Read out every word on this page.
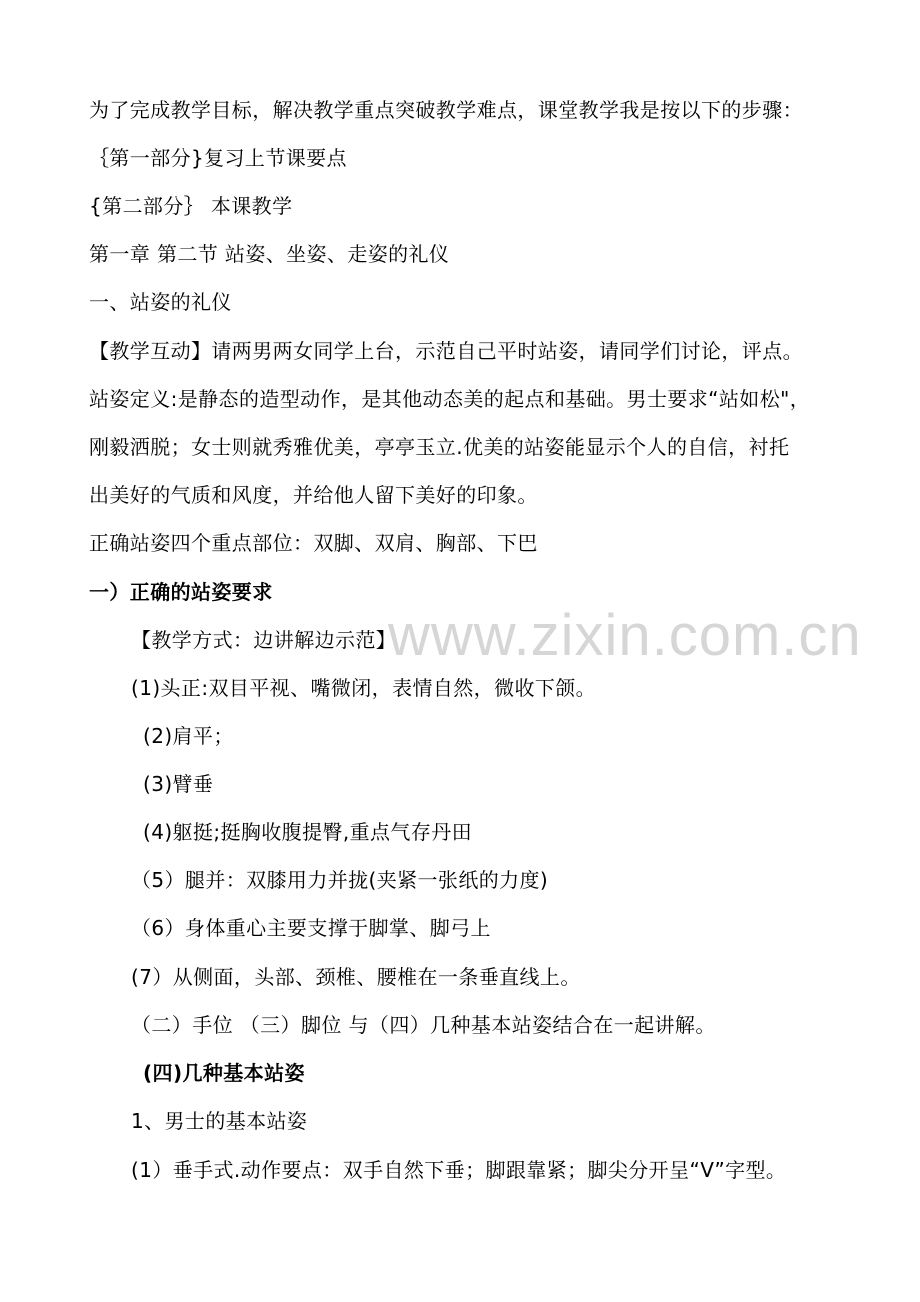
www.zixin.com.cn
为了完成教学目标，解决教学重点突破教学难点，课堂教学我是按以下的步骤：
｛第一部分}复习上节课要点
{第二部分｝ 本课教学
第一章 第二节 站姿、坐姿、走姿的礼仪
一、站姿的礼仪
【教学互动】请两男两女同学上台，示范自己平时站姿，请同学们讨论，评点。
站姿定义:是静态的造型动作，是其他动态美的起点和基础。男士要求“站如松"，
刚毅洒脱；女士则就秀雅优美，亭亭玉立.优美的站姿能显示个人的自信，衬托
出美好的气质和风度，并给他人留下美好的印象。
正确站姿四个重点部位：双脚、双肩、胸部、下巴
一）正确的站姿要求
【教学方式：边讲解边示范】
(1)头正:双目平视、嘴微闭，表情自然，微收下颌。
(2)肩平；
(3)臂垂
(4)躯挺;挺胸收腹提臀,重点气存丹田
（5）腿并：双膝用力并拢(夹紧一张纸的力度)
（6）身体重心主要支撑于脚掌、脚弓上
(7）从侧面，头部、颈椎、腰椎在一条垂直线上。
（二）手位 （三）脚位 与（四）几种基本站姿结合在一起讲解。
(四)几种基本站姿
1、男士的基本站姿
(1）垂手式.动作要点：双手自然下垂；脚跟靠紧；脚尖分开呈“V”字型。
